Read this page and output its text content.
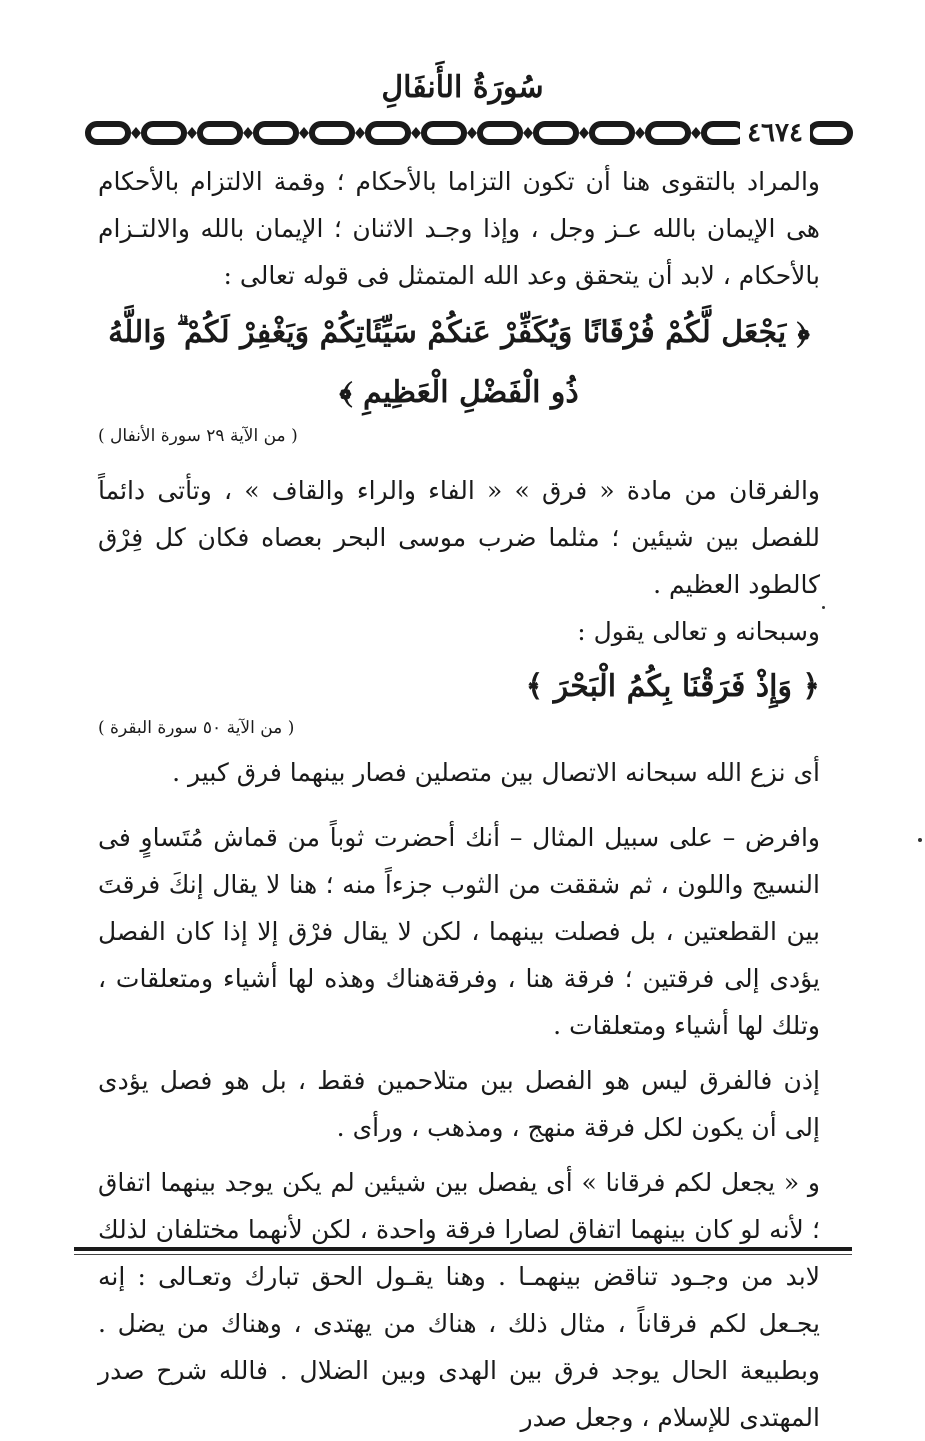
سُورَةُ الأَنفَالِ
٤٦٧٤

والمراد بالتقوى هنا أن تكون التزاما بالأحكام ؛ وقمة الالتزام بالأحكام هى الإيمان بالله عـز وجل ، وإذا وجـد الاثنان ؛ الإيمان بالله والالتـزام بالأحكام ، لابد أن يتحقق وعد الله المتمثل فى قوله تعالى :

﴿ يَجْعَل لَّكُمْ فُرْقَانًا وَيُكَفِّرْ عَنكُمْ سَيِّئَاتِكُمْ وَيَغْفِرْ لَكُمْ ۗ وَاللَّهُ ذُو الْفَضْلِ الْعَظِيمِ ﴾
( من الآية ٢٩ سورة الأنفال )

والفرقان من مادة « فرق » « الفاء والراء والقاف » ، وتأتى دائماً للفصل بين شيئين ؛ مثلما ضرب موسى البحر بعصاه فكان كل فِرْق كالطود العظيم .

وسبحانه و تعالى يقول :

﴿ وَإِذْ فَرَقْنَا بِكُمُ الْبَحْرَ ﴾
( من الآية ٥٠ سورة البقرة )

أى نزع الله سبحانه الاتصال بين متصلين فصار بينهما فرق كبير .

وافرض – على سبيل المثال – أنك أحضرت ثوباً من قماش مُتَساوٍ فى النسيج واللون ، ثم شققت من الثوب جزءاً منه ؛ هنا لا يقال إنكَ فرقتَ بين القطعتين ، بل فصلت بينهما ، لكن لا يقال فرْق إلا إذا كان الفصل يؤدى إلى فرقتين ؛ فرقة هنا ، وفرقةهناك وهذه لها أشياء ومتعلقات ، وتلك لها أشياء ومتعلقات .

إذن فالفرق ليس هو الفصل بين متلاحمين فقط ، بل هو فصل يؤدى إلى أن يكون لكل فرقة منهج ، ومذهب ، ورأى .

و « يجعل لكم فرقانا » أى يفصل بين شيئين لم يكن يوجد بينهما اتفاق ؛ لأنه لو كان بينهما اتفاق لصارا فرقة واحدة ، لكن لأنهما مختلفان لذلك لابد من وجـود تناقض بينهمـا . وهنا يقـول الحق تبارك وتعـالى : إنه يجـعل لكم فرقاناً ، مثال ذلك ، هناك من يهتدى ، وهناك من يضل . وبطبيعة الحال يوجد فرق بين الهدى وبين الضلال . فالله شرح صدر المهتدى للإسلام ، وجعل صدر
